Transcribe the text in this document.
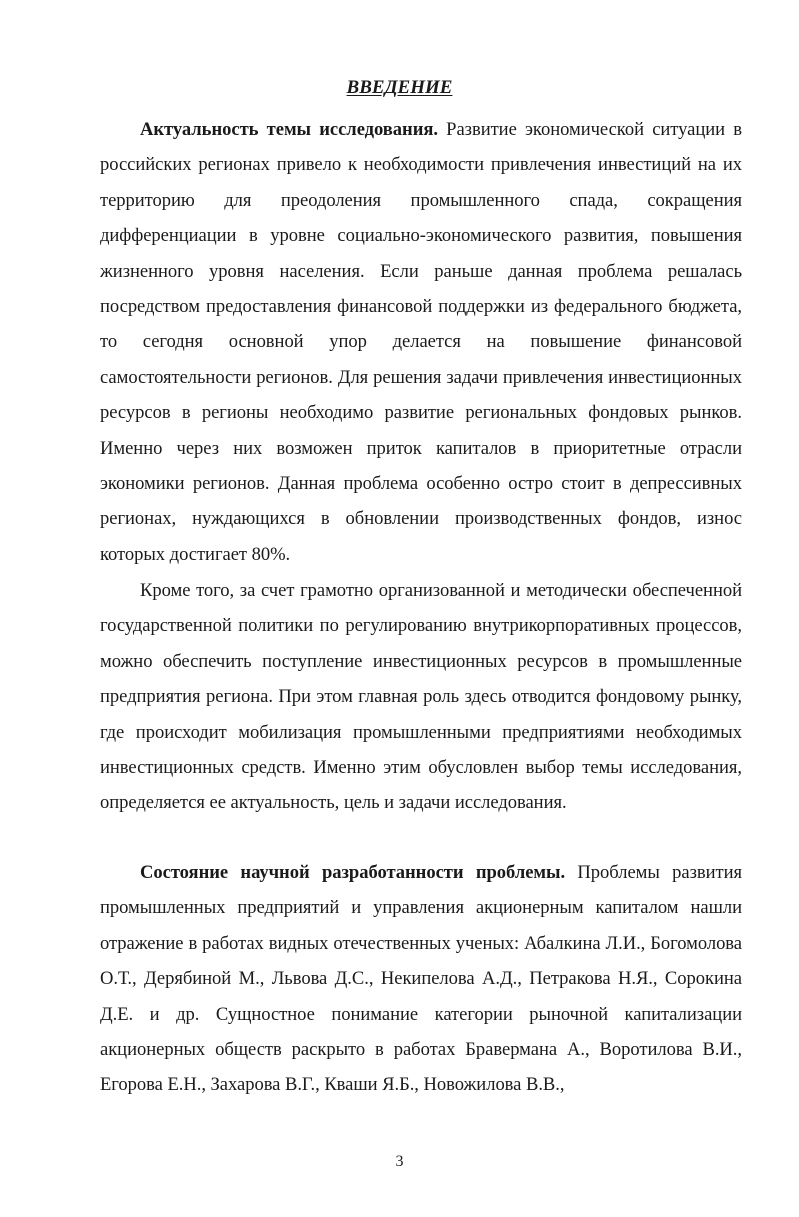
ВВЕДЕНИЕ

Актуальность темы исследования. Развитие экономической ситуации в российских регионах привело к необходимости привлечения инвестиций на их территорию для преодоления промышленного спада, сокращения дифференциации в уровне социально-экономического развития, повышения жизненного уровня населения. Если раньше данная проблема решалась посредством предоставления финансовой поддержки из федерального бюджета, то сегодня основной упор делается на повышение финансовой самостоятельности регионов. Для решения задачи привлечения инвестиционных ресурсов в регионы необходимо развитие региональных фондовых рынков. Именно через них возможен приток капиталов в приоритетные отрасли экономики регионов. Данная проблема особенно остро стоит в депрессивных регионах, нуждающихся в обновлении производственных фондов, износ которых достигает 80%.

Кроме того, за счет грамотно организованной и методически обеспеченной государственной политики по регулированию внутрикорпоративных процессов, можно обеспечить поступление инвестиционных ресурсов в промышленные предприятия региона. При этом главная роль здесь отводится фондовому рынку, где происходит мобилизация промышленными предприятиями необходимых инвестиционных средств. Именно этим обусловлен выбор темы исследования, определяется ее актуальность, цель и задачи исследования.

Состояние научной разработанности проблемы. Проблемы развития промышленных предприятий и управления акционерным капиталом нашли отражение в работах видных отечественных ученых: Абалкина Л.И., Богомолова О.Т., Дерябиной М., Львова Д.С., Некипелова А.Д., Петракова Н.Я., Сорокина Д.Е. и др. Сущностное понимание категории рыночной капитализации акционерных обществ раскрыто в работах Бравермана А., Воротилова В.И., Егорова Е.Н., Захарова В.Г., Кваши Я.Б., Новожилова В.В.,

3
